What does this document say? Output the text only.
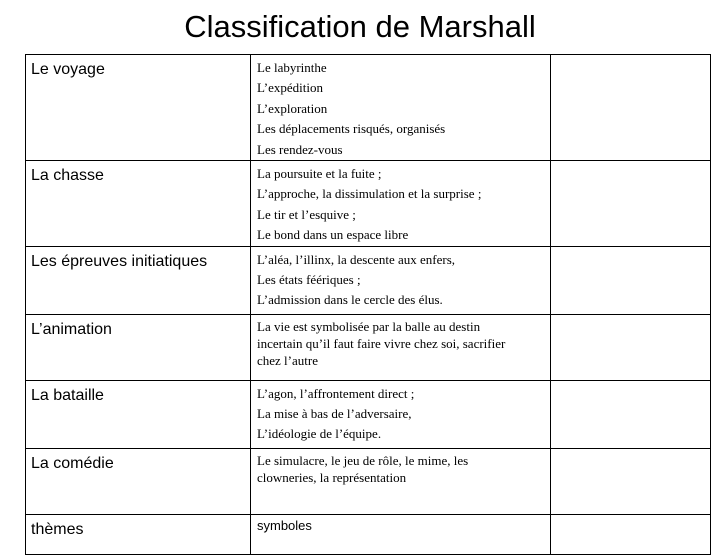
Classification de Marshall
Le voyage	Le labyrinthe
L’expédition
L’exploration
Les déplacements risqués, organisés
Les rendez-vous	

La chasse	La poursuite et la fuite ;
L’approche, la dissimulation et la surprise ;
Le tir et l’esquive ;
Le bond dans un espace libre	

Les épreuves initiatiques	L’aléa, l’illinx, la descente aux enfers,
Les états féériques ;
L’admission dans le cercle des élus.	

L’animation	La vie est symbolisée par la balle au destin
incertain qu’il faut faire vivre chez soi, sacrifier
chez l’autre	

La bataille	L’agon, l’affrontement direct ;
La mise à bas de l’adversaire,
L’idéologie de l’équipe.	

La comédie	Le simulacre, le jeu de rôle, le mime, les
clowneries, la représentation	

thèmes	symboles	
